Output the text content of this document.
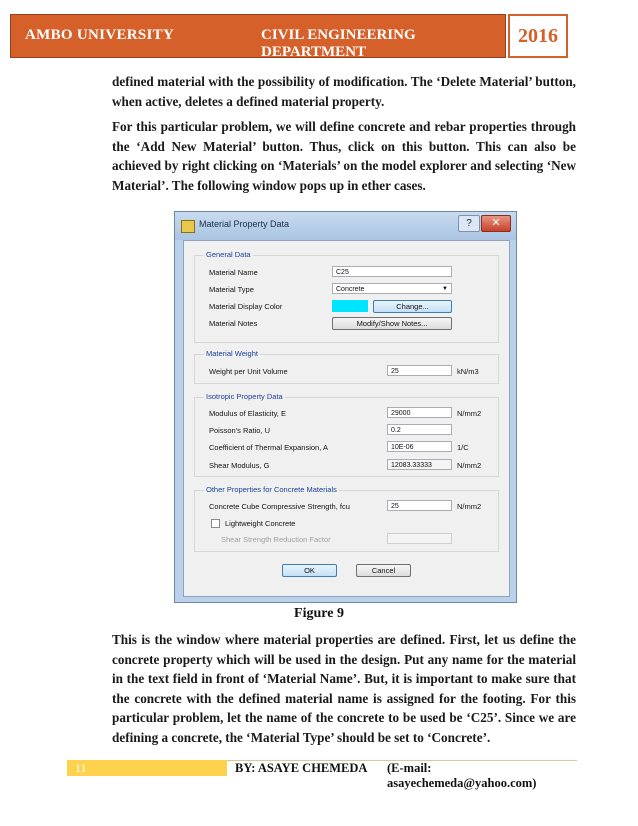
AMBO UNIVERSITY	CIVIL ENGINEERING DEPARTMENT
2016

defined material with the possibility of modification. The ‘Delete Material’ button, when active, deletes a defined material property.

For this particular problem, we will define concrete and rebar properties through the ‘Add New Material’ button. Thus, click on this button. This can also be achieved by right clicking on ‘Materials’ on the model explorer and selecting ‘New Material’. The following window pops up in ether cases.

Material Property Data	?	✕
General Data
Material Name	C25
Material Type	Concrete	▼
Material Display Color	Change...
Material Notes	Modify/Show Notes...
Material Weight
Weight per Unit Volume	25	kN/m3
Isotropic Property Data
Modulus of Elasticity, E	29000	N/mm2
Poisson's Ratio, U	0.2
Coefficient of Thermal Expansion, A	10E-06	1/C
Shear Modulus, G	12083.33333	N/mm2
Other Properties for Concrete Materials
Concrete Cube Compressive Strength, fcu	25	N/mm2
Lightweight Concrete
Shear Strength Reduction Factor
OK	Cancel
Figure 9

This is the window where material properties are defined. First, let us define the concrete property which will be used in the design. Put any name for the material in the text field in front of ‘Material Name’. But, it is important to make sure that the concrete with the defined material name is assigned for the footing. For this particular problem, let the name of the concrete to be used be ‘C25’. Since we are defining a concrete, the ‘Material Type’ should be set to ‘Concrete’.

11	BY: ASAYE CHEMEDA (E-mail: asayechemeda@yahoo.com)
